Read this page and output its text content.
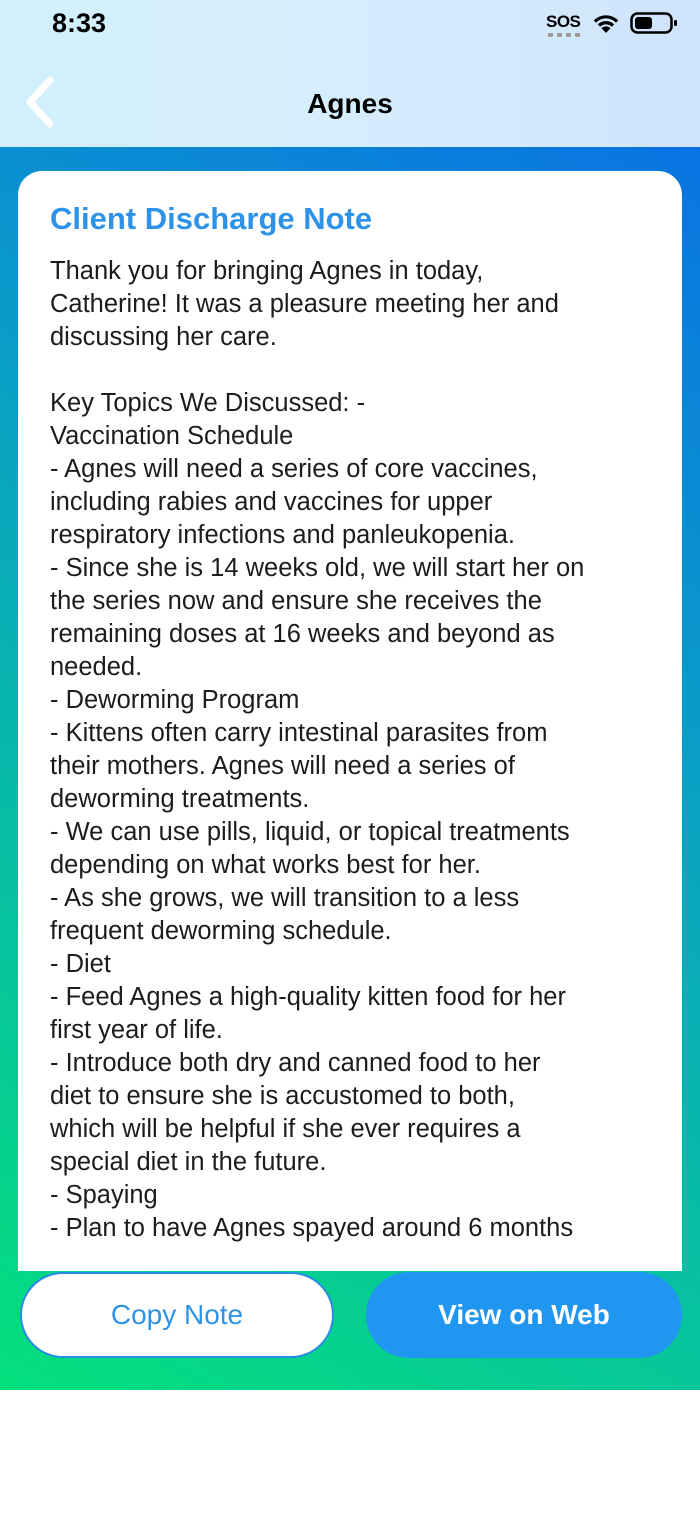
8:33	SOS
Agnes
Client Discharge Note

Thank you for bringing Agnes in today,

Catherine! It was a pleasure meeting her and

discussing her care.

Key Topics We Discussed: -

Vaccination Schedule

- Agnes will need a series of core vaccines,

including rabies and vaccines for upper

respiratory infections and panleukopenia.

- Since she is 14 weeks old, we will start her on

the series now and ensure she receives the

remaining doses at 16 weeks and beyond as

needed.

- Deworming Program

- Kittens often carry intestinal parasites from

their mothers. Agnes will need a series of

deworming treatments.

- We can use pills, liquid, or topical treatments

depending on what works best for her.

- As she grows, we will transition to a less

frequent deworming schedule.

- Diet

- Feed Agnes a high-quality kitten food for her

first year of life.

- Introduce both dry and canned food to her

diet to ensure she is accustomed to both,

which will be helpful if she ever requires a

special diet in the future.

- Spaying

- Plan to have Agnes spayed around 6 months

Copy Note	View on Web
